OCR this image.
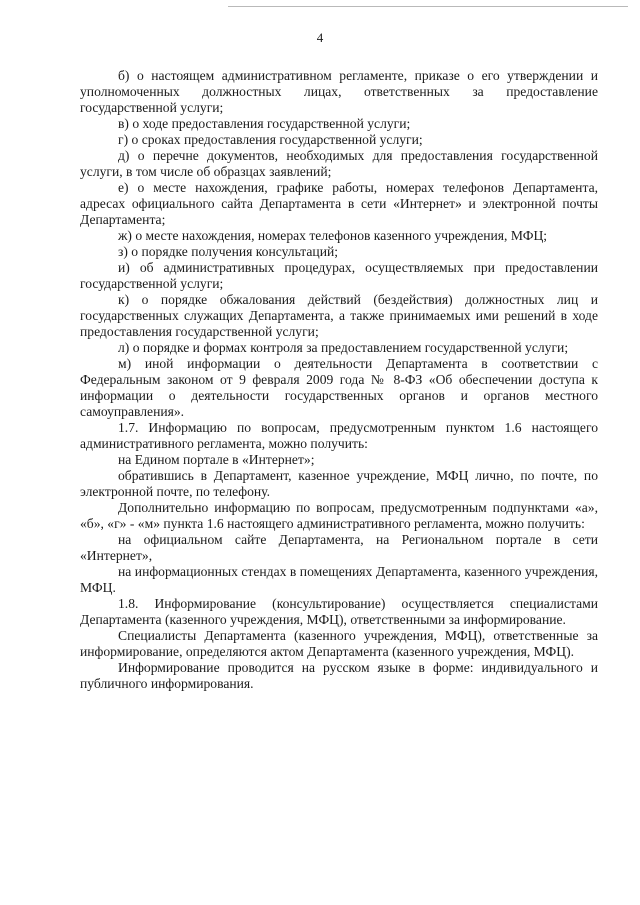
4

б) о настоящем административном регламенте, приказе о его утверждении и уполномоченных должностных лицах, ответственных за предоставление государственной услуги;

в) о ходе предоставления государственной услуги;

г) о сроках предоставления государственной услуги;

д) о перечне документов, необходимых для предоставления государственной услуги, в том числе об образцах заявлений;

е) о месте нахождения, графике работы, номерах телефонов Департамента, адресах официального сайта Департамента в сети «Интернет» и электронной почты Департамента;

ж) о месте нахождения, номерах телефонов казенного учреждения, МФЦ;

з) о порядке получения консультаций;

и) об административных процедурах, осуществляемых при предоставлении государственной услуги;

к) о порядке обжалования действий (бездействия) должностных лиц и государственных служащих Департамента, а также принимаемых ими решений в ходе предоставления государственной услуги;

л) о порядке и формах контроля за предоставлением государственной услуги;

м) иной информации о деятельности Департамента в соответствии с Федеральным законом от 9 февраля 2009 года № 8-ФЗ «Об обеспечении доступа к информации о деятельности государственных органов и органов местного самоуправления».

1.7. Информацию по вопросам, предусмотренным пунктом 1.6 настоящего административного регламента, можно получить:

на Едином портале в «Интернет»;

обратившись в Департамент, казенное учреждение, МФЦ лично, по почте, по электронной почте, по телефону.

Дополнительно информацию по вопросам, предусмотренным подпунктами «а», «б», «г» - «м» пункта 1.6 настоящего административного регламента, можно получить:

на официальном сайте Департамента, на Региональном портале в сети «Интернет»,

на информационных стендах в помещениях Департамента, казенного учреждения, МФЦ.

1.8. Информирование (консультирование) осуществляется специалистами Департамента (казенного учреждения, МФЦ), ответственными за информирование.

Специалисты Департамента (казенного учреждения, МФЦ), ответственные за информирование, определяются актом Департамента (казенного учреждения, МФЦ).

Информирование проводится на русском языке в форме: индивидуального и публичного информирования.
